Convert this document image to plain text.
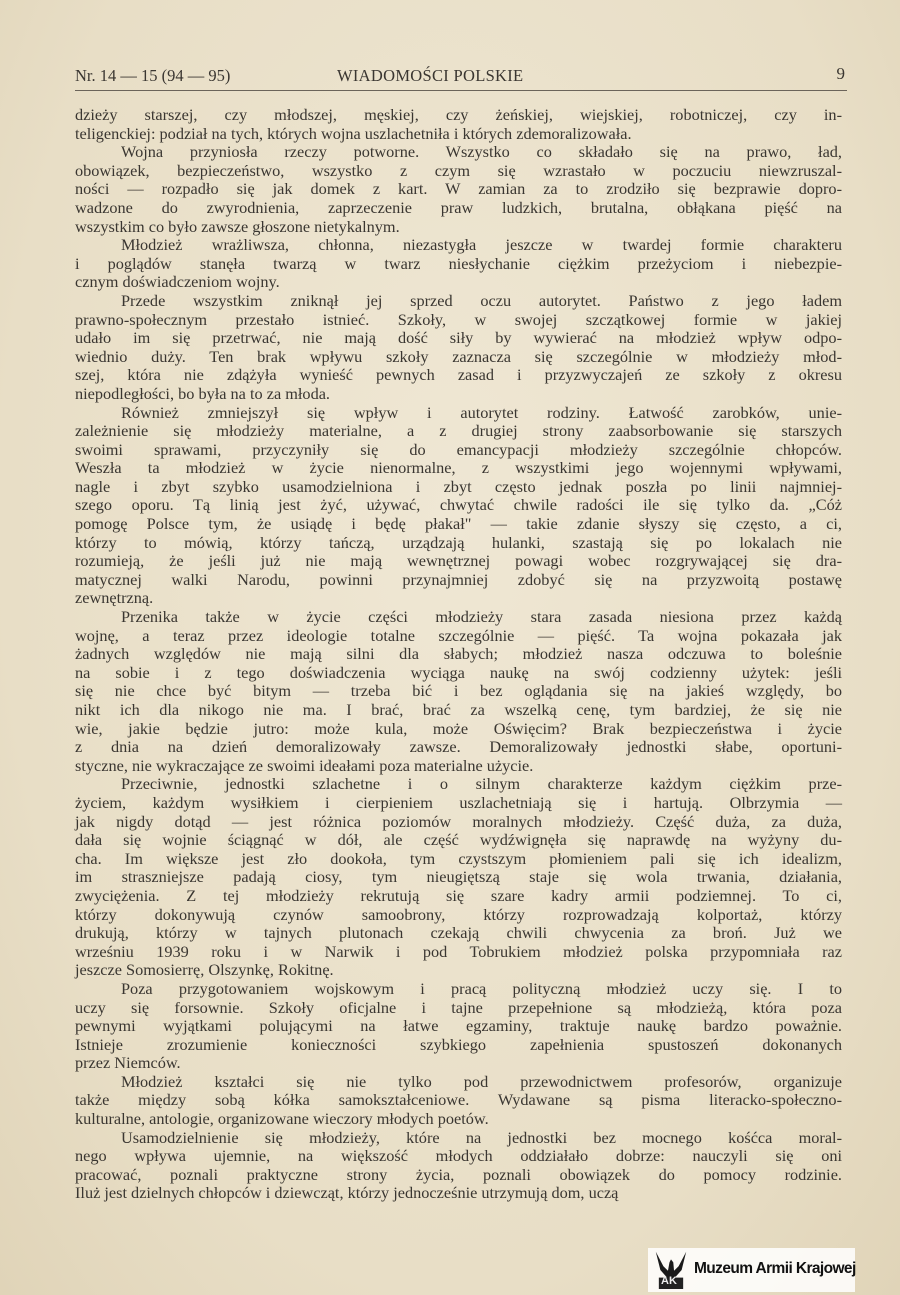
Nr. 14 — 15 (94 — 95)	WIADOMOŚCI POLSKIE	9
dzieży starszej, czy młodszej, męskiej, czy żeńskiej, wiejskiej, robotniczej, czy in-
teligenckiej: podział na tych, których wojna uszlachetniła i których zdemoralizowała.
Wojna przyniosła rzeczy potworne. Wszystko co składało się na prawo, ład,
obowiązek, bezpieczeństwo, wszystko z czym się wzrastało w poczuciu niewzruszal-
ności — rozpadło się jak domek z kart. W zamian za to zrodziło się bezprawie dopro-
wadzone do zwyrodnienia, zaprzeczenie praw ludzkich, brutalna, obłąkana pięść na
wszystkim co było zawsze głoszone nietykalnym.
Młodzież wrażliwsza, chłonna, niezastygła jeszcze w twardej formie charakteru
i poglądów stanęła twarzą w twarz niesłychanie ciężkim przeżyciom i niebezpie-
cznym doświadczeniom wojny.
Przede wszystkim zniknął jej sprzed oczu autorytet. Państwo z jego ładem
prawno-społecznym przestało istnieć. Szkoły, w swojej szczątkowej formie w jakiej
udało im się przetrwać, nie mają dość siły by wywierać na młodzież wpływ odpo-
wiednio duży. Ten brak wpływu szkoły zaznacza się szczególnie w młodzieży młod-
szej, która nie zdążyła wynieść pewnych zasad i przyzwyczajeń ze szkoły z okresu
niepodległości, bo była na to za młoda.
Również zmniejszył się wpływ i autorytet rodziny. Łatwość zarobków, unie-
zależnienie się młodzieży materialne, a z drugiej strony zaabsorbowanie się starszych
swoimi sprawami, przyczyniły się do emancypacji młodzieży szczególnie chłopców.
Weszła ta młodzież w życie nienormalne, z wszystkimi jego wojennymi wpływami,
nagle i zbyt szybko usamodzielniona i zbyt często jednak poszła po linii najmniej-
szego oporu. Tą linią jest żyć, używać, chwytać chwile radości ile się tylko da. „Cóż
pomogę Polsce tym, że usiądę i będę płakał" — takie zdanie słyszy się często, a ci,
którzy to mówią, którzy tańczą, urządzają hulanki, szastają się po lokalach nie
rozumieją, że jeśli już nie mają wewnętrznej powagi wobec rozgrywającej się dra-
matycznej walki Narodu, powinni przynajmniej zdobyć się na przyzwoitą postawę
zewnętrzną.
Przenika także w życie części młodzieży stara zasada niesiona przez każdą
wojnę, a teraz przez ideologie totalne szczególnie — pięść. Ta wojna pokazała jak
żadnych względów nie mają silni dla słabych; młodzież nasza odczuwa to boleśnie
na sobie i z tego doświadczenia wyciąga naukę na swój codzienny użytek: jeśli
się nie chce być bitym — trzeba bić i bez oglądania się na jakieś względy, bo
nikt ich dla nikogo nie ma. I brać, brać za wszelką cenę, tym bardziej, że się nie
wie, jakie będzie jutro: może kula, może Oświęcim? Brak bezpieczeństwa i życie
z dnia na dzień demoralizowały zawsze. Demoralizowały jednostki słabe, oportuni-
styczne, nie wykraczające ze swoimi ideałami poza materialne użycie.
Przeciwnie, jednostki szlachetne i o silnym charakterze każdym ciężkim prze-
życiem, każdym wysiłkiem i cierpieniem uszlachetniają się i hartują. Olbrzymia —
jak nigdy dotąd — jest różnica poziomów moralnych młodzieży. Część duża, za duża,
dała się wojnie ściągnąć w dół, ale część wydźwignęła się naprawdę na wyżyny du-
cha. Im większe jest zło dookoła, tym czystszym płomieniem pali się ich idealizm,
im straszniejsze padają ciosy, tym nieugiętszą staje się wola trwania, działania,
zwyciężenia. Z tej młodzieży rekrutują się szare kadry armii podziemnej. To ci,
którzy dokonywują czynów samoobrony, którzy rozprowadzają kolportaż, którzy
drukują, którzy w tajnych plutonach czekają chwili chwycenia za broń. Już we
wrześniu 1939 roku i w Narwik i pod Tobrukiem młodzież polska przypomniała raz
jeszcze Somosierrę, Olszynkę, Rokitnę.
Poza przygotowaniem wojskowym i pracą polityczną młodzież uczy się. I to
uczy się forsownie. Szkoły oficjalne i tajne przepełnione są młodzieżą, która poza
pewnymi wyjątkami polującymi na łatwe egzaminy, traktuje naukę bardzo poważnie.
Istnieje zrozumienie konieczności szybkiego zapełnienia spustoszeń dokonanych
przez Niemców.
Młodzież kształci się nie tylko pod przewodnictwem profesorów, organizuje
także między sobą kółka samokształceniowe. Wydawane są pisma literacko-społeczno-
kulturalne, antologie, organizowane wieczory młodych poetów.
Usamodzielnienie się młodzieży, które na jednostki bez mocnego kośćca moral-
nego wpływa ujemnie, na większość młodych oddziałało dobrze: nauczyli się oni
pracować, poznali praktyczne strony życia, poznali obowiązek do pomocy rodzinie.
Iluż jest dzielnych chłopców i dziewcząt, którzy jednocześnie utrzymują dom, uczą
AK
Muzeum Armii Krajowej
